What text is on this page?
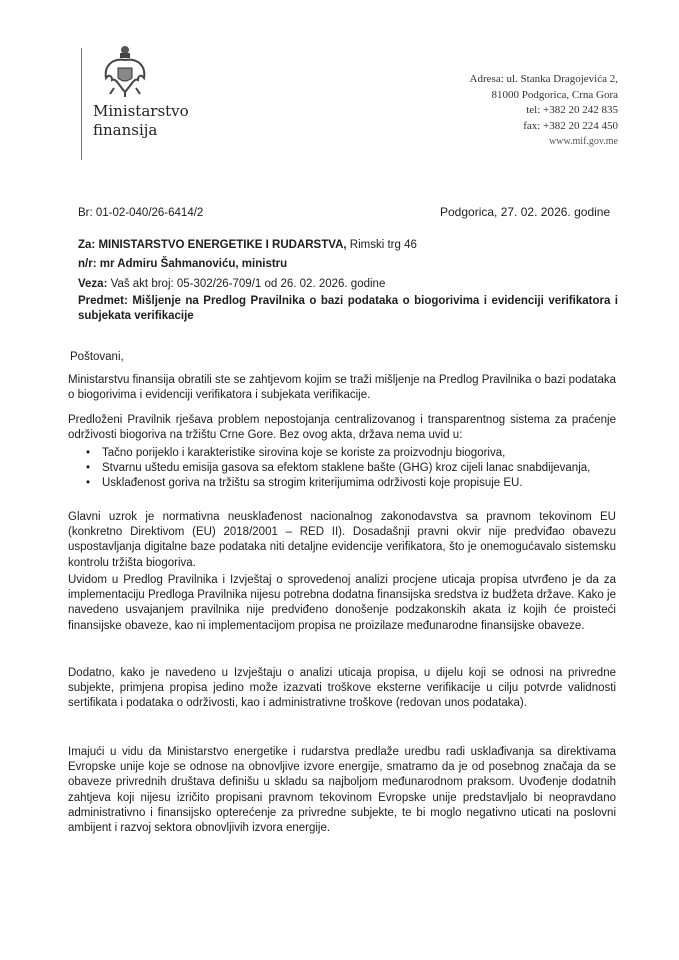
Ministarstvo
finansija
Adresa: ul. Stanka Dragojevića 2,
81000 Podgorica, Crna Gora
tel: +382 20 242 835
fax: +382 20 224 450
www.mif.gov.me
Br: 01-02-040/26-6414/2	Podgorica, 27. 02. 2026. godine
Za: MINISTARSTVO ENERGETIKE I RUDARSTVA, Rimski trg 46
n/r: mr Admiru Šahmanoviću, ministru
Veza: Vaš akt broj: 05-302/26-709/1 od 26. 02. 2026. godine
Predmet: Mišljenje na Predlog Pravilnika o bazi podataka o biogorivima i evidenciji verifikatora i subjekata verifikacije
Poštovani,
Ministarstvu finansija obratili ste se zahtjevom kojim se traži mišljenje na Predlog Pravilnika o bazi podataka o biogorivima i evidenciji verifikatora i subjekata verifikacije.
Predloženi Pravilnik rješava problem nepostojanja centralizovanog i transparentnog sistema za praćenje održivosti biogoriva na tržištu Crne Gore. Bez ovog akta, država nema uvid u:
• Tačno porijeklo i karakteristike sirovina koje se koriste za proizvodnju biogoriva,
• Stvarnu uštedu emisija gasova sa efektom staklene bašte (GHG) kroz cijeli lanac snabdijevanja,
• Usklađenost goriva na tržištu sa strogim kriterijumima održivosti koje propisuje EU.
Glavni uzrok je normativna neusklađenost nacionalnog zakonodavstva sa pravnom tekovinom EU (konkretno Direktivom (EU) 2018/2001 – RED II). Dosadašnji pravni okvir nije predviđao obavezu uspostavljanja digitalne baze podataka niti detaljne evidencije verifikatora, što je onemogućavalo sistemsku kontrolu tržišta biogoriva.
Uvidom u Predlog Pravilnika i Izvještaj o sprovedenoj analizi procjene uticaja propisa utvrđeno je da za implementaciju Predloga Pravilnika nijesu potrebna dodatna finansijska sredstva iz budžeta države. Kako je navedeno usvajanjem pravilnika nije predviđeno donošenje podzakonskih akata iz kojih će proisteći finansijske obaveze, kao ni implementacijom propisa ne proizilaze međunarodne finansijske obaveze.
Dodatno, kako je navedeno u Izvještaju o analizi uticaja propisa, u dijelu koji se odnosi na privredne subjekte, primjena propisa jedino može izazvati troškove eksterne verifikacije u cilju potvrde validnosti sertifikata i podataka o održivosti, kao i administrativne troškove (redovan unos podataka).
Imajući u vidu da Ministarstvo energetike i rudarstva predlaže uredbu radi usklađivanja sa direktivama Evropske unije koje se odnose na obnovljive izvore energije, smatramo da je od posebnog značaja da se obaveze privrednih društava definišu u skladu sa najboljom međunarodnom praksom. Uvođenje dodatnih zahtjeva koji nijesu izričito propisani pravnom tekovinom Evropske unije predstavljalo bi neopravdano administrativno i finansijsko opterećenje za privredne subjekte, te bi moglo negativno uticati na poslovni ambijent i razvoj sektora obnovljivih izvora energije.
